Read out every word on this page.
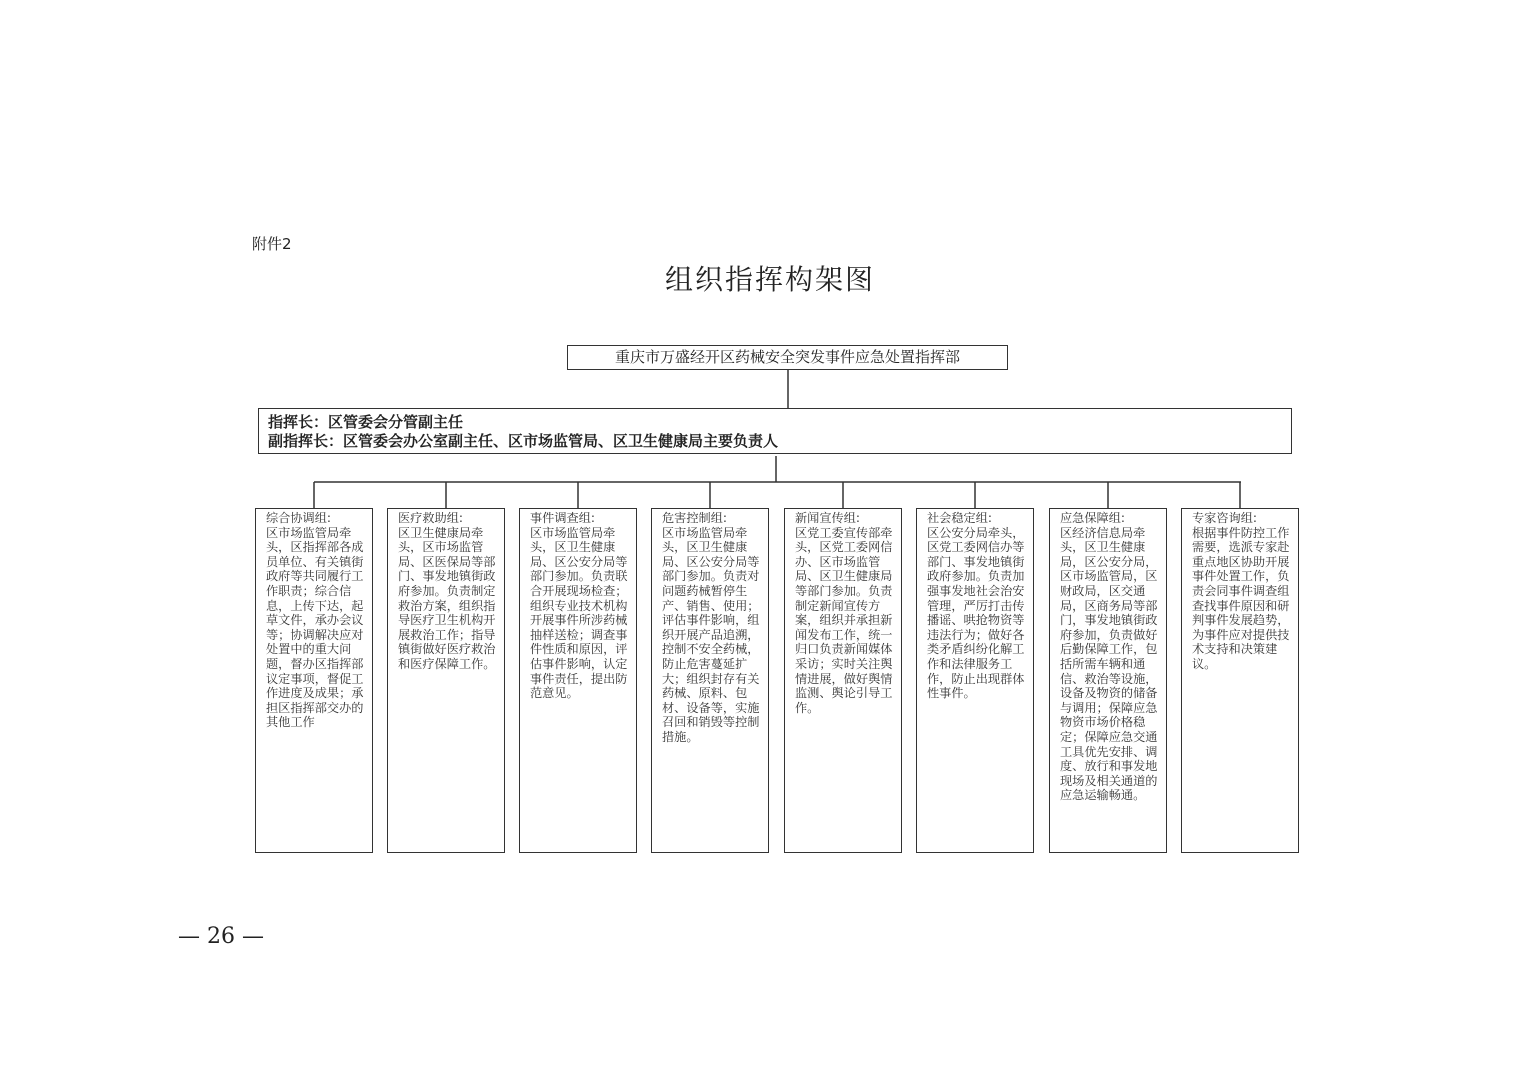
附件2
组织指挥构架图
重庆市万盛经开区药械安全突发事件应急处置指挥部
指挥长：区管委会分管副主任
副指挥长：区管委会办公室副主任、区市场监管局、区卫生健康局主要负责人
综合协调组:
区市场监管局牵头，区指挥部各成员单位、有关镇街政府等共同履行工作职责；综合信息，上传下达，起草文件，承办会议等；协调解决应对处置中的重大问题，督办区指挥部议定事项，督促工作进度及成果；承担区指挥部交办的其他工作
医疗救助组:
区卫生健康局牵头，区市场监管局、区医保局等部门、事发地镇街政府参加。负责制定救治方案，组织指导医疗卫生机构开展救治工作；指导镇街做好医疗救治和医疗保障工作。
事件调查组:
区市场监管局牵头，区卫生健康局、区公安分局等部门参加。负责联合开展现场检查；组织专业技术机构开展事件所涉药械抽样送检；调查事件性质和原因，评估事件影响，认定事件责任，提出防范意见。
危害控制组:
区市场监管局牵头，区卫生健康局、区公安分局等部门参加。负责对问题药械暂停生产、销售、使用；评估事件影响，组织开展产品追溯，控制不安全药械，防止危害蔓延扩大；组织封存有关药械、原料、包材、设备等，实施召回和销毁等控制措施。
新闻宣传组:
区党工委宣传部牵头，区党工委网信办、区市场监管局、区卫生健康局等部门参加。负责制定新闻宣传方案，组织并承担新闻发布工作，统一归口负责新闻媒体采访；实时关注舆情进展，做好舆情监测、舆论引导工作。
社会稳定组:
区公安分局牵头，区党工委网信办等部门、事发地镇街政府参加。负责加强事发地社会治安管理，严厉打击传播谣、哄抢物资等违法行为；做好各类矛盾纠纷化解工作和法律服务工作，防止出现群体性事件。
应急保障组:
区经济信息局牵头，区卫生健康局，区公安分局，区市场监管局，区财政局，区交通局，区商务局等部门，事发地镇街政府参加，负责做好后勤保障工作，包括所需车辆和通信、救治等设施，设备及物资的储备与调用；保障应急物资市场价格稳定；保障应急交通工具优先安排、调度、放行和事发地现场及相关通道的应急运输畅通。
专家咨询组:
根据事件防控工作需要，选派专家赴重点地区协助开展事件处置工作，负责会同事件调查组查找事件原因和研判事件发展趋势，为事件应对提供技术支持和决策建议。
— 26 —
